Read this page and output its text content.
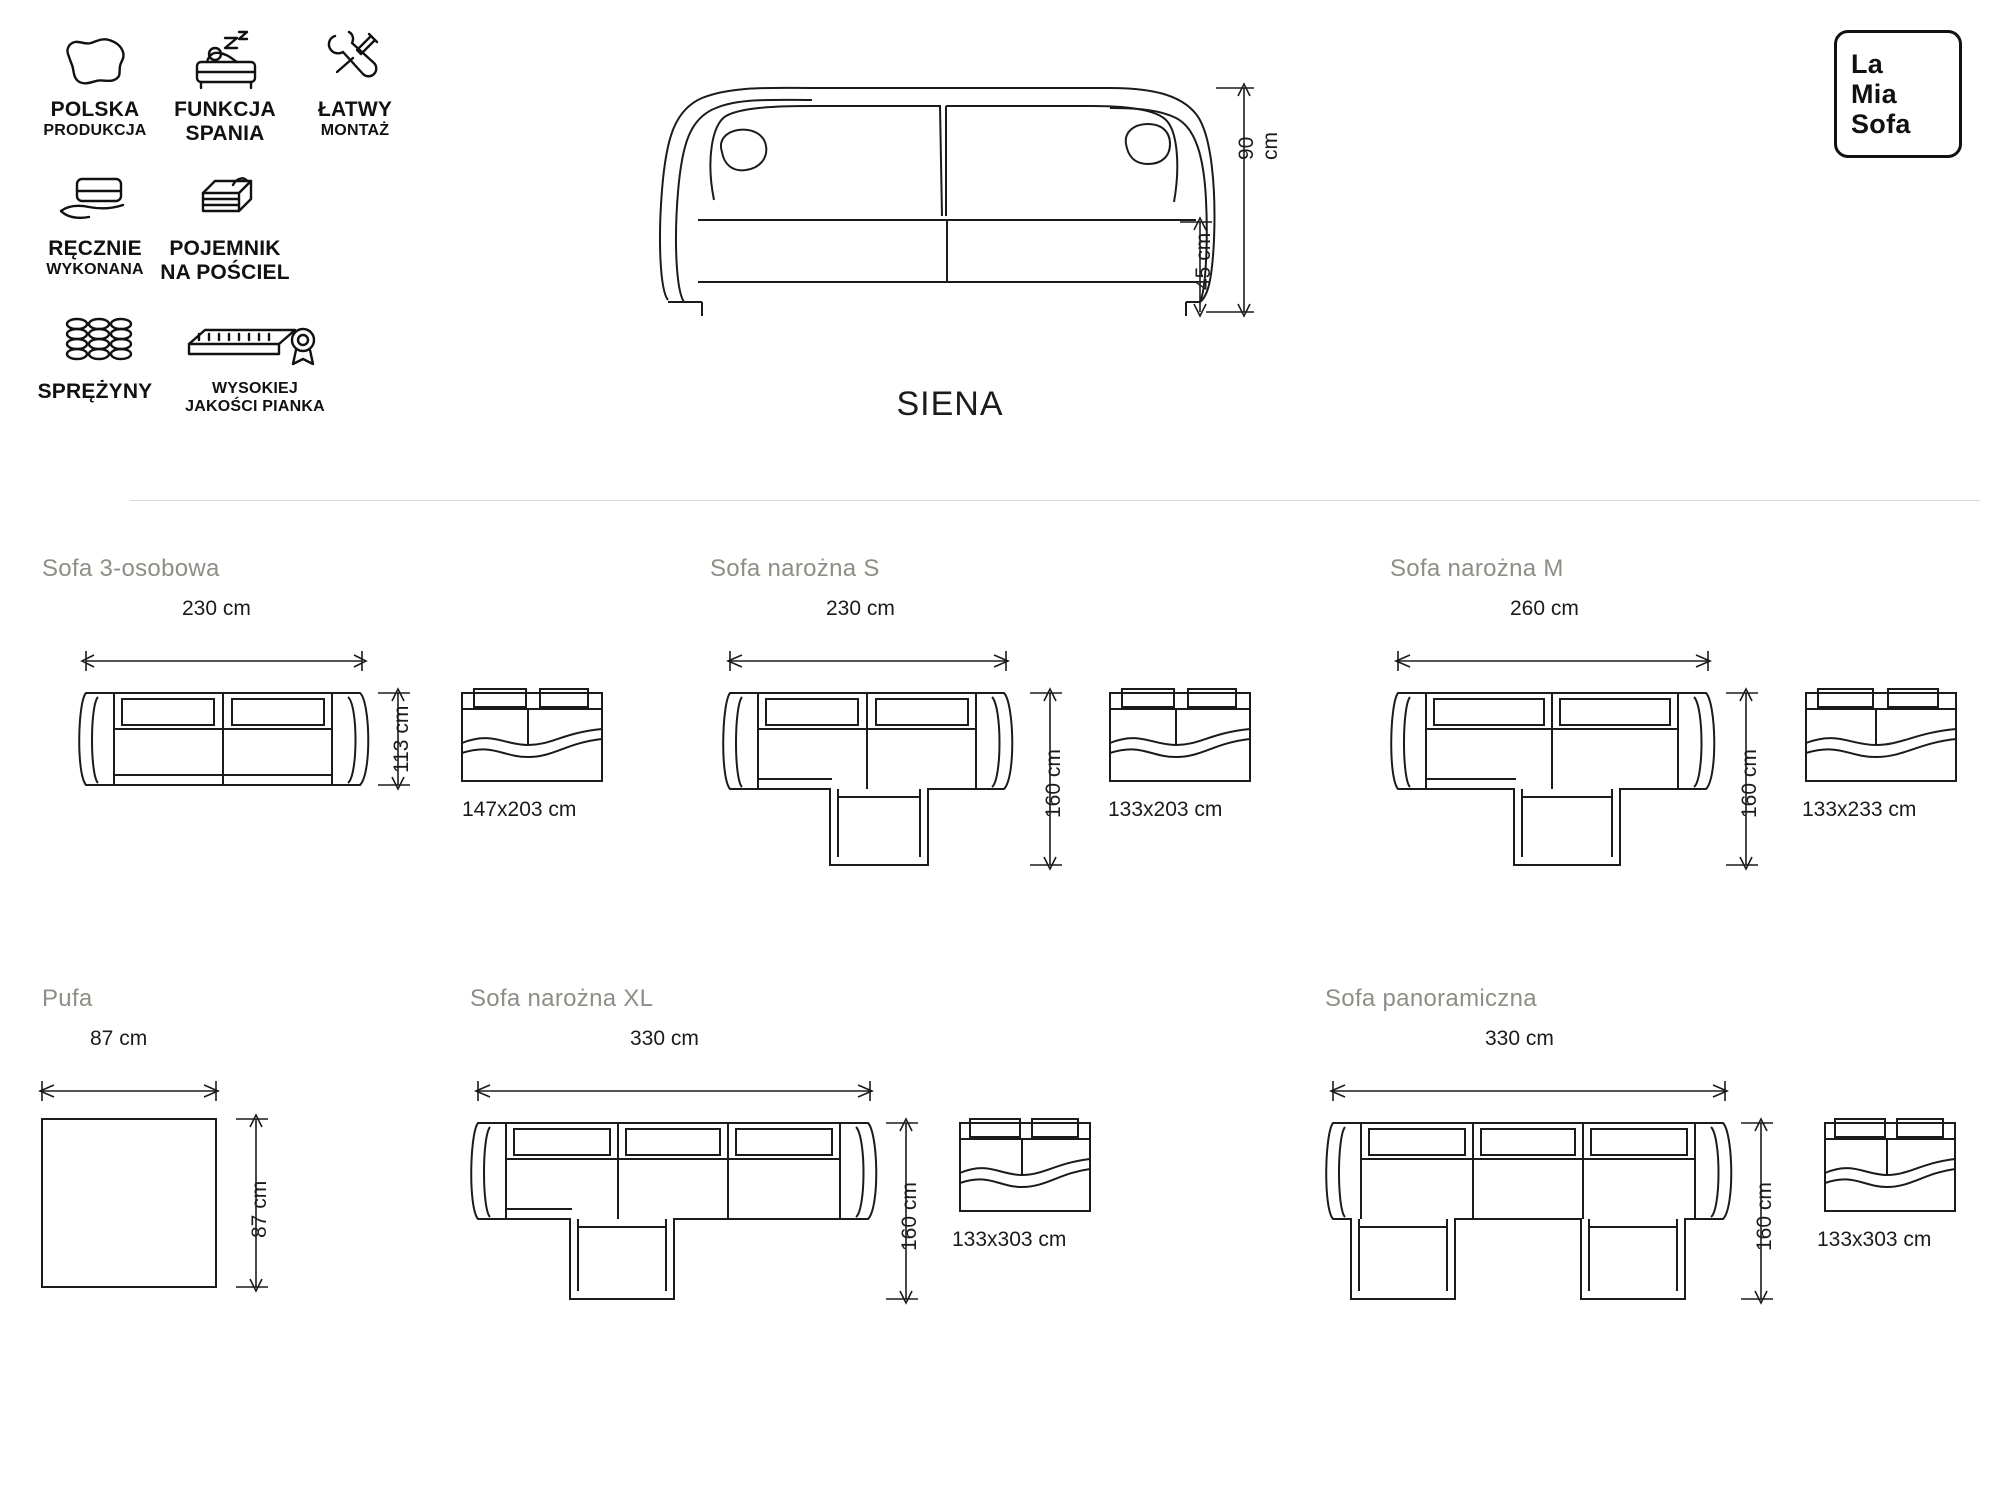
POLSKA
PRODUKCJA
FUNKCJA
SPANIA
ŁATWY
MONTAŻ
RĘCZNIE
WYKONANA
POJEMNIK
NA POŚCIEL
SPRĘŻYNY	WYSOKIEJ
JAKOŚCI PIANKA
90 cm
45 cm
SIENA
La
Mia
Sofa
Sofa 3-osobowa
230 cm
113 cm
147x203 cm
Sofa narożna S
230 cm
160 cm 133x203 cm
Sofa narożna M
260 cm
160 cm 133x233 cm
Pufa
87 cm
87 cm
Sofa narożna XL
330 cm
160 cm 133x303 cm
Sofa panoramiczna
330 cm
160 cm 133x303 cm
